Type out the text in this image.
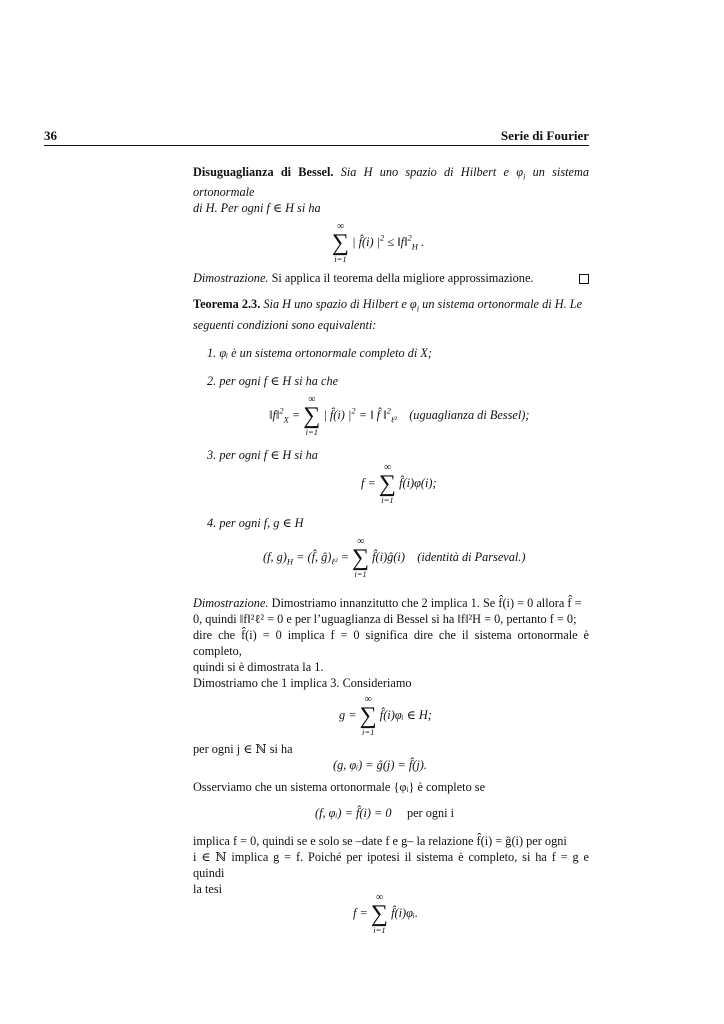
36	Serie di Fourier

Disuguaglianza di Bessel. Sia H uno spazio di Hilbert e $\varphi_i$ un sistema ortonormale
di H. Per ogni f ∈ H si ha

∞
∑
i=1
| f̂(i) $|^2$ ≤ ‖f‖$^2_H$ .

Dimostrazione. Si applica il teorema della migliore approssimazione.

Teorema 2.3. Sia H uno spazio di Hilbert e $\varphi_i$ un sistema ortonormale di H. Le
seguenti condizioni sono equivalenti:

1. φᵢ è un sistema ortonormale completo di X;
2. per ogni f ∈ H si ha che
‖f‖$^2_X$ =
∞
∑
i=1
| f̂(i) $|^2$ = ‖ f̂ ‖$^2_{\ell^2}$ (uguaglianza di Bessel);
3. per ogni f ∈ H si ha
f =
∞
∑
i=1
f̂(i)φ(i);
4. per ogni f, g ∈ H
(f, $g)_H$ = (f̂, $ĝ)_{\ell^2}$ =
∞
∑
i=1
f̂(i)ĝ(i) (identità di Parseval.)

Dimostrazione. Dimostriamo innanzitutto che 2 implica 1. Se f̂(i) = 0 allora f̂ =
0, quindi ‖f‖²ℓ² = 0 e per l’uguaglianza di Bessel si ha ‖f‖²H = 0, pertanto f = 0;
dire che f̂(i) = 0 implica f = 0 significa dire che il sistema ortonormale è completo,
quindi si è dimostrata la 1.
Dimostriamo che 1 implica 3. Consideriamo

g =
∞
∑
i=1
f̂(i)φᵢ ∈ H;

per ogni j ∈ ℕ si ha

(g, φᵢ) = ĝ(j) = f̂(j).

Osserviamo che un sistema ortonormale {φᵢ} è completo se

(f, φᵢ) = f̂(i) = 0 per ogni i

implica f = 0, quindi se e solo se –date f e g– la relazione f̂(i) = ĝ(i) per ogni
i ∈ ℕ implica g = f. Poiché per ipotesi il sistema è completo, si ha f = g e quindi
la tesi

f =
∞
∑
i=1
f̂(i)φᵢ.
